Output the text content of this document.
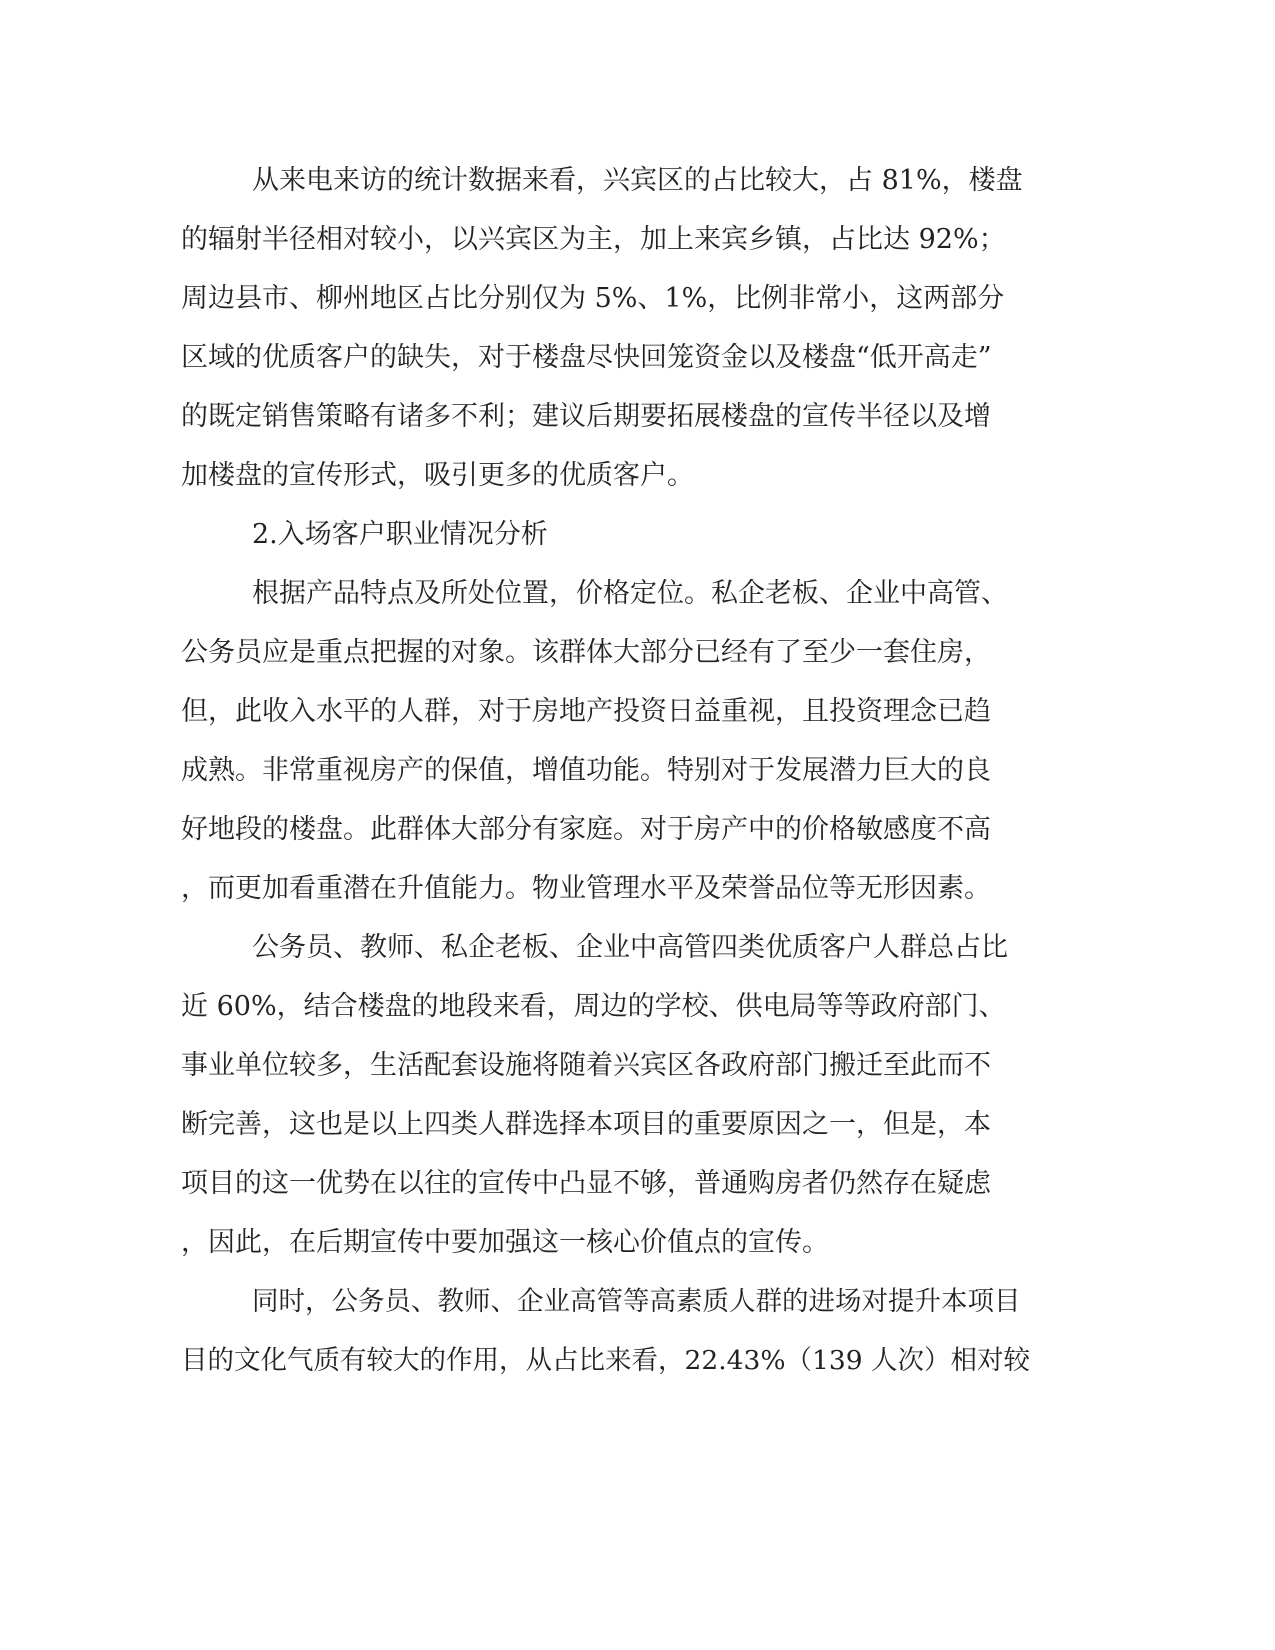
从来电来访的统计数据来看，兴宾区的占比较大，占 81%，楼盘

的辐射半径相对较小，以兴宾区为主，加上来宾乡镇，占比达 92%；

周边县市、柳州地区占比分别仅为 5%、1%，比例非常小，这两部分

区域的优质客户的缺失，对于楼盘尽快回笼资金以及楼盘“低开高走”

的既定销售策略有诸多不利；建议后期要拓展楼盘的宣传半径以及增

加楼盘的宣传形式，吸引更多的优质客户。

2.入场客户职业情况分析

根据产品特点及所处位置，价格定位。私企老板、企业中高管、

公务员应是重点把握的对象。该群体大部分已经有了至少一套住房，

但，此收入水平的人群，对于房地产投资日益重视，且投资理念已趋

成熟。非常重视房产的保值，增值功能。特别对于发展潜力巨大的良

好地段的楼盘。此群体大部分有家庭。对于房产中的价格敏感度不高

，而更加看重潜在升值能力。物业管理水平及荣誉品位等无形因素。

公务员、教师、私企老板、企业中高管四类优质客户人群总占比

近 60%，结合楼盘的地段来看，周边的学校、供电局等等政府部门、

事业单位较多，生活配套设施将随着兴宾区各政府部门搬迁至此而不

断完善，这也是以上四类人群选择本项目的重要原因之一，但是，本

项目的这一优势在以往的宣传中凸显不够，普通购房者仍然存在疑虑

，因此，在后期宣传中要加强这一核心价值点的宣传。

同时，公务员、教师、企业高管等高素质人群的进场对提升本项目

目的文化气质有较大的作用，从占比来看，22.43%（139 人次）相对较
